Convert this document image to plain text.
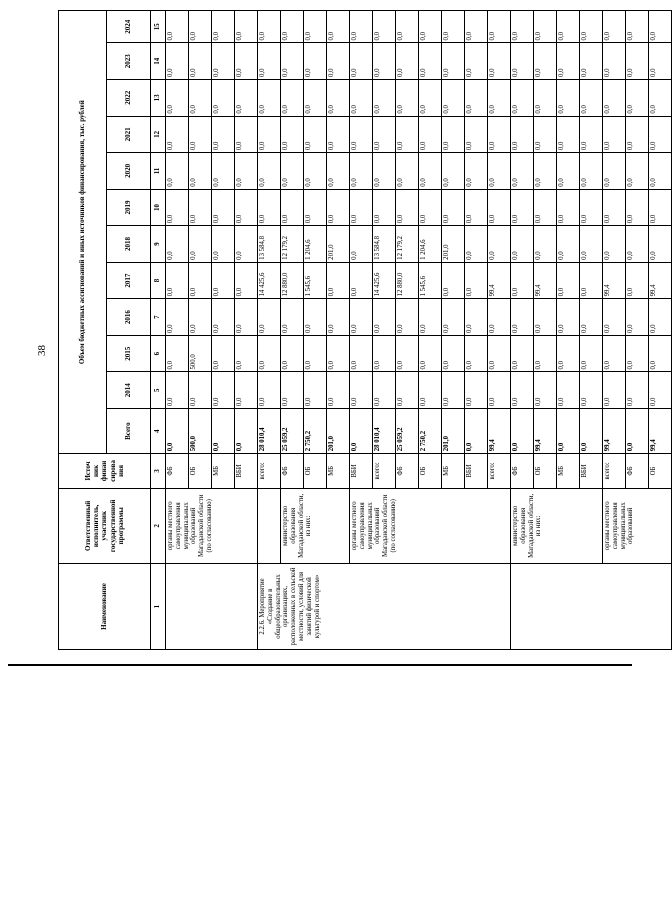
38
Наименование	Ответственный исполнитель, участник государственной программы	Источ ник финан сирова ния	Объем бюджетных ассигнований и иных источников финансирования, тыс. рублей											
			Всего	2014	2015	2016	2017	2018	2019	2020	2021	2022	2023	2024
1	2	3	4	5	6	7	8	9	10	11	12	13	14	15
	органы местного самоуправления муниципальных образований Магаданской области (по согласованию)	ФБ	0,0	0,0	0,0	0,0	0,0	0,0	0,0	0,0	0,0	0,0	0,0	0,0
		ОБ	500,0	0,0	500,0	0,0	0,0	0,0	0,0	0,0	0,0	0,0	0,0	0,0
		МБ	0,0	0,0	0,0	0,0	0,0	0,0	0,0	0,0	0,0	0,0	0,0	0,0
		ВБИ	0,0	0,0	0,0	0,0	0,0	0,0	0,0	0,0	0,0	0,0	0,0	0,0
2.2.6. Мероприятие «Создание в общеобразовательных организациях, расположенных в сельской местности, условий для занятий физической культурой и спортом»		всего:	28 010,4	0,0	0,0	0,0	14 425,6	13 584,8	0,0	0,0	0,0	0,0	0,0	0,0
	министерство образования Магаданской области, из них:	ФБ	25 059,2	0,0	0,0	0,0	12 880,0	12 179,2	0,0	0,0	0,0	0,0	0,0	0,0
		ОБ	2 750,2	0,0	0,0	0,0	1 545,6	1 204,6	0,0	0,0	0,0	0,0	0,0	0,0
		МБ	201,0	0,0	0,0	0,0	0,0	201,0	0,0	0,0	0,0	0,0	0,0	0,0
	органы местного самоуправления муниципальных образований Магаданской области (по согласованию)	ВБИ	0,0	0,0	0,0	0,0	0,0	0,0	0,0	0,0	0,0	0,0	0,0	0,0
		всего:	28 010,4	0,0	0,0	0,0	14 425,6	13 584,8	0,0	0,0	0,0	0,0	0,0	0,0
		ФБ	25 059,2	0,0	0,0	0,0	12 880,0	12 179,2	0,0	0,0	0,0	0,0	0,0	0,0
		ОБ	2 750,2	0,0	0,0	0,0	1 545,6	1 204,6	0,0	0,0	0,0	0,0	0,0	0,0
		МБ	201,0	0,0	0,0	0,0	0,0	201,0	0,0	0,0	0,0	0,0	0,0	0,0
		ВБИ	0,0	0,0	0,0	0,0	0,0	0,0	0,0	0,0	0,0	0,0	0,0	0,0
		всего:	99,4	0,0	0,0	0,0	99,4	0,0	0,0	0,0	0,0	0,0	0,0	0,0
	министерство образования Магаданской области, из них:	ФБ	0,0	0,0	0,0	0,0	0,0	0,0	0,0	0,0	0,0	0,0	0,0	0,0
		ОБ	99,4	0,0	0,0	0,0	99,4	0,0	0,0	0,0	0,0	0,0	0,0	0,0
		МБ	0,0	0,0	0,0	0,0	0,0	0,0	0,0	0,0	0,0	0,0	0,0	0,0
		ВБИ	0,0	0,0	0,0	0,0	0,0	0,0	0,0	0,0	0,0	0,0	0,0	0,0
	органы местного самоуправления муниципальных образований	всего:	99,4	0,0	0,0	0,0	99,4	0,0	0,0	0,0	0,0	0,0	0,0	0,0
		ФБ	0,0	0,0	0,0	0,0	0,0	0,0	0,0	0,0	0,0	0,0	0,0	0,0
		ОБ	99,4	0,0	0,0	0,0	99,4	0,0	0,0	0,0	0,0	0,0	0,0	0,0
